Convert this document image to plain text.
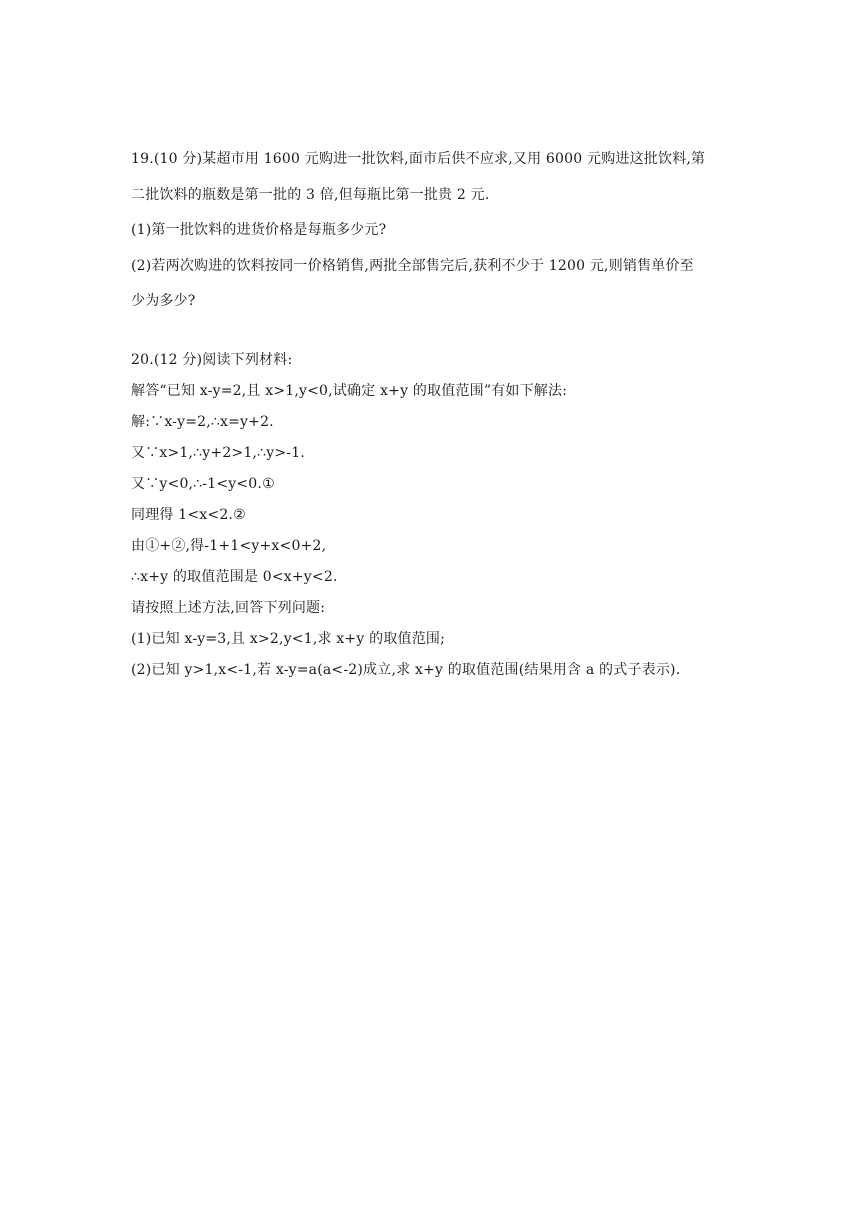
19.(10 分)某超市用 1600 元购进一批饮料,面市后供不应求,又用 6000 元购进这批饮料,第
二批饮料的瓶数是第一批的 3 倍,但每瓶比第一批贵 2 元.
(1)第一批饮料的进货价格是每瓶多少元?
(2)若两次购进的饮料按同一价格销售,两批全部售完后,获利不少于 1200 元,则销售单价至
少为多少?
20.(12 分)阅读下列材料:
解答“已知 x-y=2,且 x>1,y<0,试确定 x+y 的取值范围”有如下解法:
解:∵x-y=2,∴x=y+2.
又∵x>1,∴y+2>1,∴y>-1.
又∵y<0,∴-1<y<0.①
同理得 1<x<2.②
由①+②,得-1+1<y+x<0+2,
∴x+y 的取值范围是 0<x+y<2.
请按照上述方法,回答下列问题:
(1)已知 x-y=3,且 x>2,y<1,求 x+y 的取值范围;
(2)已知 y>1,x<-1,若 x-y=a(a<-2)成立,求 x+y 的取值范围(结果用含 a 的式子表示).
